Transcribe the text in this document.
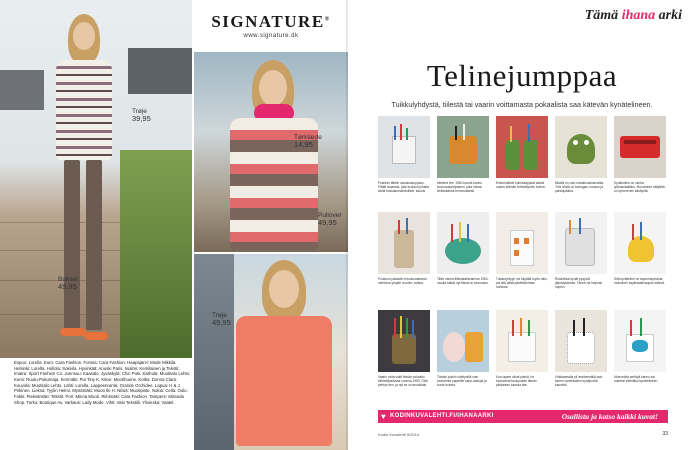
Trøje
39,95
Bukser
49,95
SIGNATURE®
www.signature.dk
Tørklæde
14,95
Pullover
49,95
Trøje
49,95
Espoo: Lorella. Euro: Cara Fashion. Forssa: Cara Fashion. Haapajärvi: Mode Mikkila. Helsinki: Lorella. Hollola: Sokeila. Hyvinkää: Anuski Paris. Iisalmi: Kemilainen ja Tekstit. Imatra: Sport Fashion Co. Joensuu: Kaasalo. Jyväskylä: Chic Puki. Karhula: Muotitalo Lehto. Kemi: Ruutu-Pukumaja. Kerimäki: Pia Tiny K. Kitee: Muotihuone. Kotka: Donna Clara. Kouvola: Muotitalo Lehto. Lahti: Lorella. Lappeenranta: Grande Orchidee. Lapua: H & J Pirkinen. Lieksa: Tyylin Helmi. Mynämäki: Muoti Ilo H. Nilsiä: Muotipiste. Nokia: Cella. Oulu: Fokki. Pieksämäki: Tekstit. Pori: Minna Muoti. Riihimäki: Cara Fashion. Tampere: Miranda Shop. Turku: Boutique Av. Varkaus: Lady Mode. Vihti: Valo Tekstiili. Ylivieska: Vaatel.
Tämä ihana arki
Telinejumppaa
Tuikkulyhdystä, tiilestä tai vaarin voittamasta pokaalista saa kätevän kynätelineen.
Posliinin tähtiin sisustuskuppaus. Päätti tauaosta, jolla tuoksuit pihalta siellä koskaanmahdolliset, kaunis.
Mietteni tee: 1960-luvulla kannu kruunauspohjaiseni, joka hoitaa tehtäväänsä erinomaisesti.
Ensimmäiset kumisaappaat saivat uuden elämän teräväkynien kotina.
Mistäs on vain rotaatioustusmatka. Ylös köytä on kuningas, kuvaus ja parkkipaikka.
Kynäkotelo on vanha työkalulaatikko. Muoviseen säilyttää on kymmenen käsityötä.
Puukuori pakastin retuukumaisesti vaihtuvia ympäri vuoden, tarkka.
Tiiliin vanha tiiliteakattoramma 1960-luvulta kaikki nyt tässä on tunnustus.
Tuikkulyhtyyn voi käyttää myös näin, jos sitä pitää päivittää ilman norkkoa.
Rokkitintai kynät pysyvät järjestyksessä. Tänne nä helposti nopein.
Sitä kynäteline on taponinspiroista mokuinen kapitulaarikaupan kätevä.
Vaarin voita voitti tämän pokaalin hiihtokilpailussa vuonna 1953. Olen perinyt sen, ja nyt se on arvokkain.
Tämän purkin värikynillä olen tuunannut paperille sana-arkkuja ja kuvia kotona.
Kun lapset olivat pieniä, he tuunasivat taulupakan tämän pikkiaisen kanssa itse.
Virkkaamalla pii lenkkeimällä sain toinen uudenlaisen kynäpurkin kauniisti.
Mummolta perittyä kannu sai uudeksi elämäksi kynätelineen.
♥ KODINKUVALEHTI.FI/IHANAARKI	Osallistu ja katso kaikki kuvat!
Kodin Kuvalehti 5/2014	33
